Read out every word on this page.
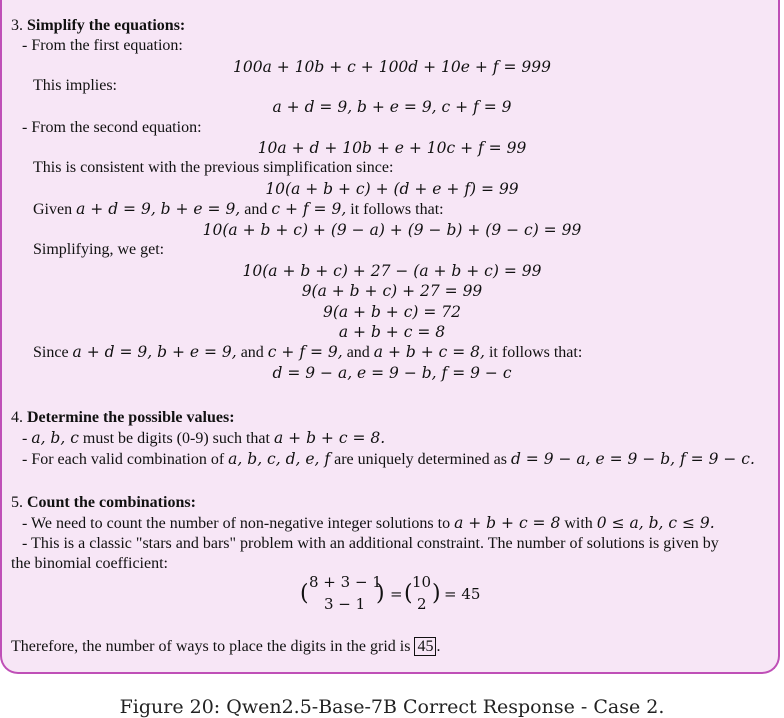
3. Simplify the equations:
- From the first equation:
100a + 10b + c + 100d + 10e + f = 999
This implies:
a + d = 9, b + e = 9, c + f = 9
- From the second equation:
10a + d + 10b + e + 10c + f = 99
This is consistent with the previous simplification since:
10(a + b + c) + (d + e + f) = 99
Given a + d = 9, b + e = 9, and c + f = 9, it follows that:
10(a + b + c) + (9 − a) + (9 − b) + (9 − c) = 99
Simplifying, we get:
10(a + b + c) + 27 − (a + b + c) = 99
9(a + b + c) + 27 = 99
9(a + b + c) = 72
a + b + c = 8
Since a + d = 9, b + e = 9, and c + f = 9, and a + b + c = 8, it follows that:
d = 9 − a, e = 9 − b, f = 9 − c
4. Determine the possible values:
- a, b, c must be digits (0-9) such that a + b + c = 8.
- For each valid combination of a, b, c, d, e, f are uniquely determined as d = 9 − a, e = 9 − b, f = 9 − c.
5. Count the combinations:
- We need to count the number of non-negative integer solutions to a + b + c = 8 with 0 ≤ a, b, c ≤ 9.
- This is a classic "stars and bars" problem with an additional constraint. The number of solutions is given by
the binomial coefficient:
( 8 + 3 − 1
3 − 1 ) = ( 10
2 ) = 45
Therefore, the number of ways to place the digits in the grid is 45 .
Figure 20: Qwen2.5-Base-7B Correct Response - Case 2.
